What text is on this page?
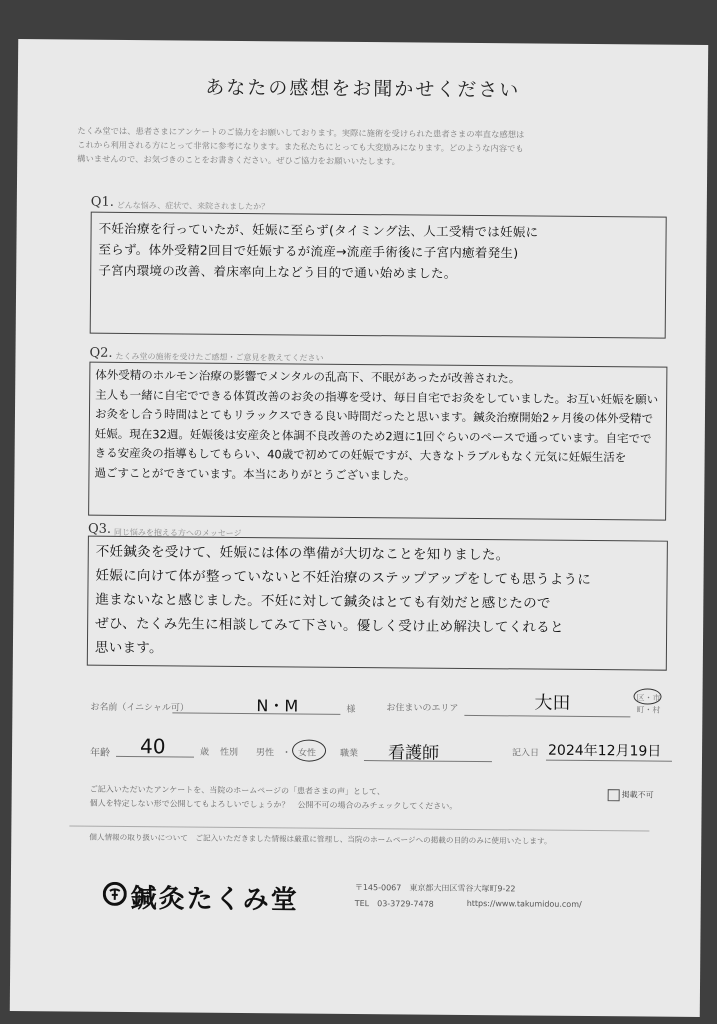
あなたの感想をお聞かせください
たくみ堂では、患者さまにアンケートのご協力をお願いしております。実際に施術を受けられた患者さまの率直な感想は
これから利用される方にとって非常に参考になります。また私たちにとっても大変励みになります。どのような内容でも
構いませんので、お気づきのことをお書きください。ぜひご協力をお願いいたします。
Q1. どんな悩み、症状で、来院されましたか？
不妊治療を行っていたが、妊娠に至らず(タイミング法、人工受精では妊娠に
至らず。体外受精2回目で妊娠するが流産→流産手術後に子宮内癒着発生)
子宮内環境の改善、着床率向上などう目的で通い始めました。
Q2. たくみ堂の施術を受けたご感想・ご意見を教えてください
体外受精のホルモン治療の影響でメンタルの乱高下、不眠があったが改善された。
主人も一緒に自宅でできる体質改善のお灸の指導を受け、毎日自宅でお灸をしていました。お互い妊娠を願いお灸をし合う時間はとてもリラックスできる良い時間だったと思います。鍼灸治療開始2ヶ月後の体外受精で妊娠。現在32週。妊娠後は安産灸と体調不良改善のため2週に1回ぐらいのペースで通っています。自宅でできる安産灸の指導もしてもらい、40歳で初めての妊娠ですが、大きなトラブルもなく元気に妊娠生活を
過ごすことができています。本当にありがとうございました。
Q3. 同じ悩みを抱える方へのメッセージ
不妊鍼灸を受けて、妊娠には体の準備が大切なことを知りました。
妊娠に向けて体が整っていないと不妊治療のステップアップをしても思うように
進まないなと感じました。不妊に対して鍼灸はとても有効だと感じたので
ぜひ、たくみ先生に相談してみて下さい。優しく受け止め解決してくれると
思います。
お名前（イニシャル可）	N・M	様	お住まいのエリア	大田	区・市
町・村
年齢 40	歳 性別 男性 ・ 女性	職業 看護師	記入日 2024年12月19日
ご記入いただいたアンケートを、当院のホームページの「患者さまの声」として、
個人を特定しない形で公開してもよろしいでしょうか？　公開不可の場合のみチェックしてください。
掲載不可
個人情報の取り扱いについて　ご記入いただきました情報は厳重に管理し、当院のホームページへの掲載の目的のみに使用いたします。
鍼灸たくみ堂	〒145-0067　東京都大田区雪谷大塚町9-22
TEL　03-3729-7478	https://www.takumidou.com/
